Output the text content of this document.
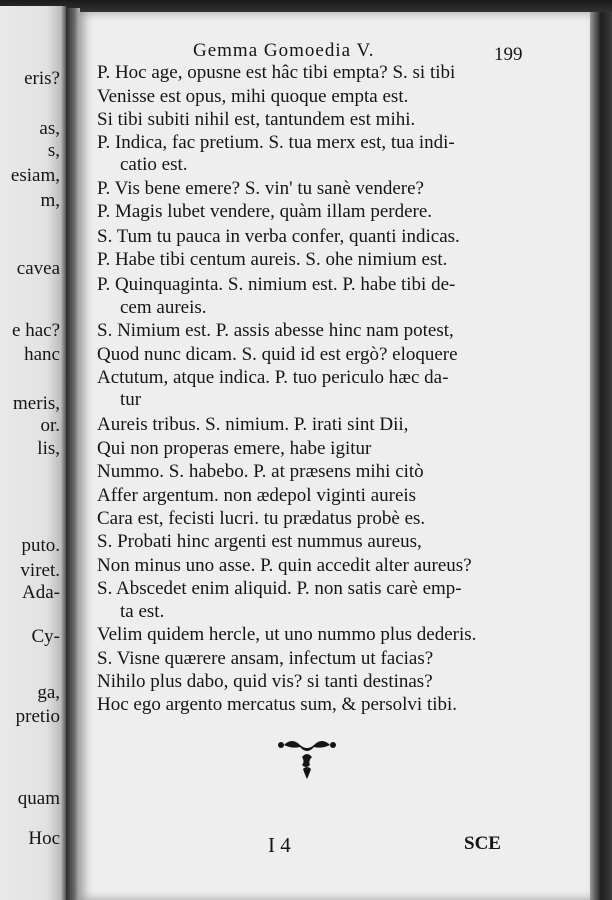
eris?
as,
s,
esiam,
m,
cavea
e hac?
hanc
meris,
or.
lis,
puto.
viret.
Ada-
Cy-
ga,
pretio
quam
Hoc
Gemma Gomoedia V.	199
P. Hoc age, opusne est hâc tibi empta? S. si tibi
Venisse est opus, mihi quoque empta est.
Si tibi subiti nihil est, tantundem est mihi.
P. Indica, fac pretium. S. tua merx est, tua indi-
catio est.
P. Vis bene emere? S. vin' tu sanè vendere?
P. Magis lubet vendere, quàm illam perdere.
S. Tum tu pauca in verba confer, quanti indicas.
P. Habe tibi centum aureis. S. ohe nimium est.
P. Quinquaginta. S. nimium est. P. habe tibi de-
cem aureis.
S. Nimium est. P. assis abesse hinc nam potest,
Quod nunc dicam. S. quid id est ergò? eloquere
Actutum, atque indica. P. tuo periculo hæc da-
tur
Aureis tribus. S. nimium. P. irati sint Dii,
Qui non properas emere, habe igitur
Nummo. S. habebo. P. at præsens mihi citò
Affer argentum. non ædepol viginti aureis
Cara est, fecisti lucri. tu prædatus probè es.
S. Probati hinc argenti est nummus aureus,
Non minus uno asse. P. quin accedit alter aureus?
S. Abscedet enim aliquid. P. non satis carè emp-
ta est.
Velim quidem hercle, ut uno nummo plus dederis.
S. Visne quærere ansam, infectum ut facias?
Nihilo plus dabo, quid vis? si tanti destinas?
Hoc ego argento mercatus sum, & persolvi tibi.
I 4	SCE
